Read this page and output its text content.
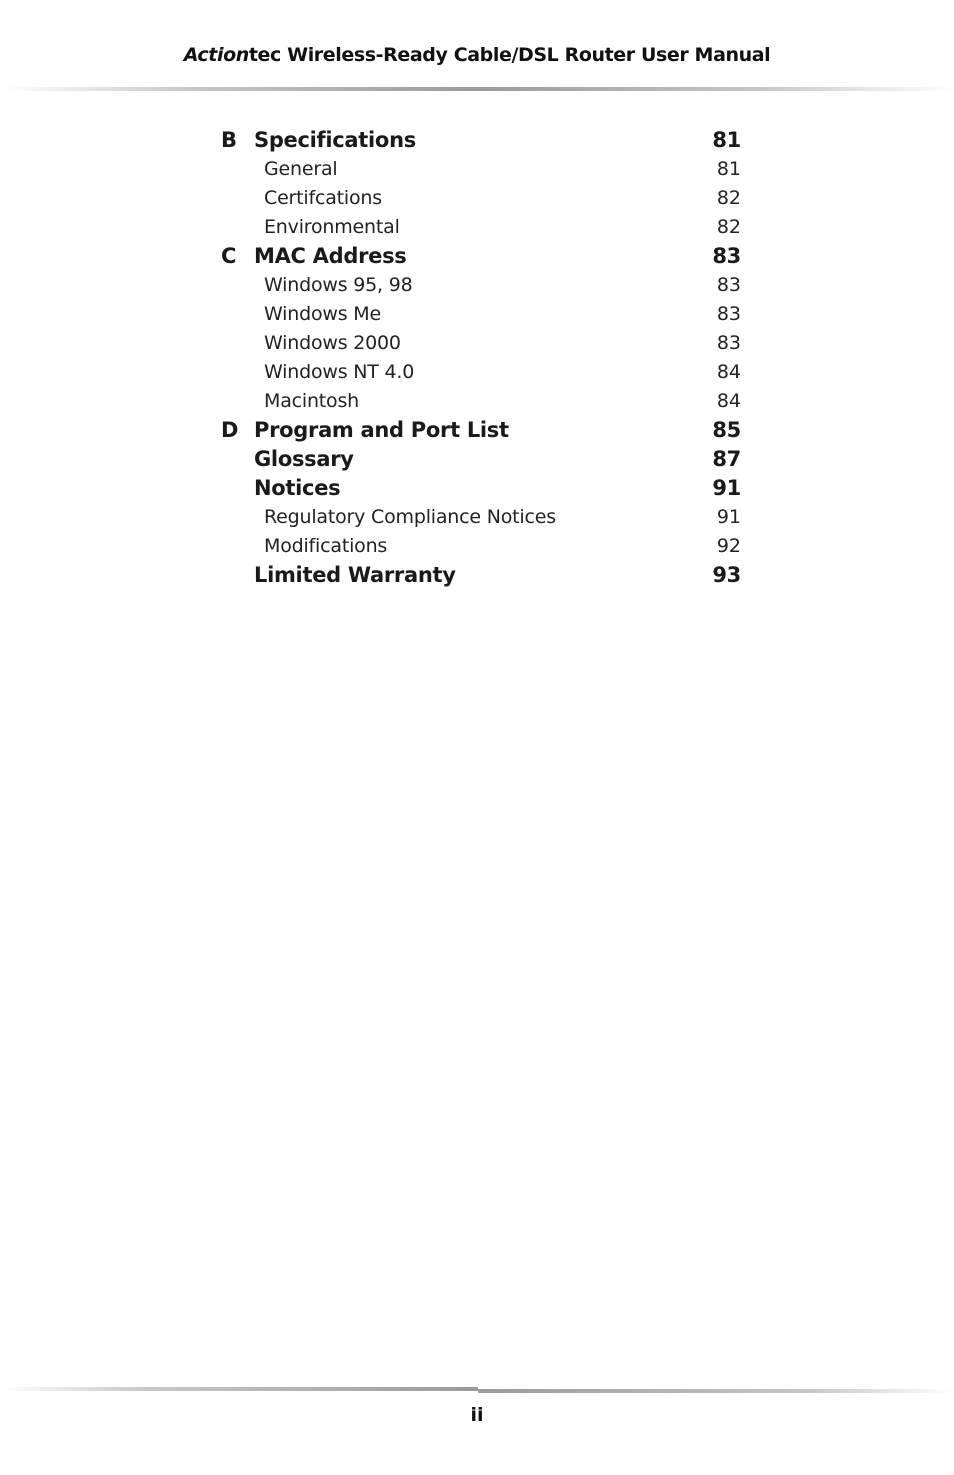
Actiontec Wireless-Ready Cable/DSL Router User Manual
B Specifications	81
General	81
Certifcations	82
Environmental	82
C MAC Address	83
Windows 95, 98	83
Windows Me	83
Windows 2000	83
Windows NT 4.0	84
Macintosh	84
D Program and Port List	85
Glossary	87
Notices	91
Regulatory Compliance Notices	91
Modifications	92
Limited Warranty	93
ii
